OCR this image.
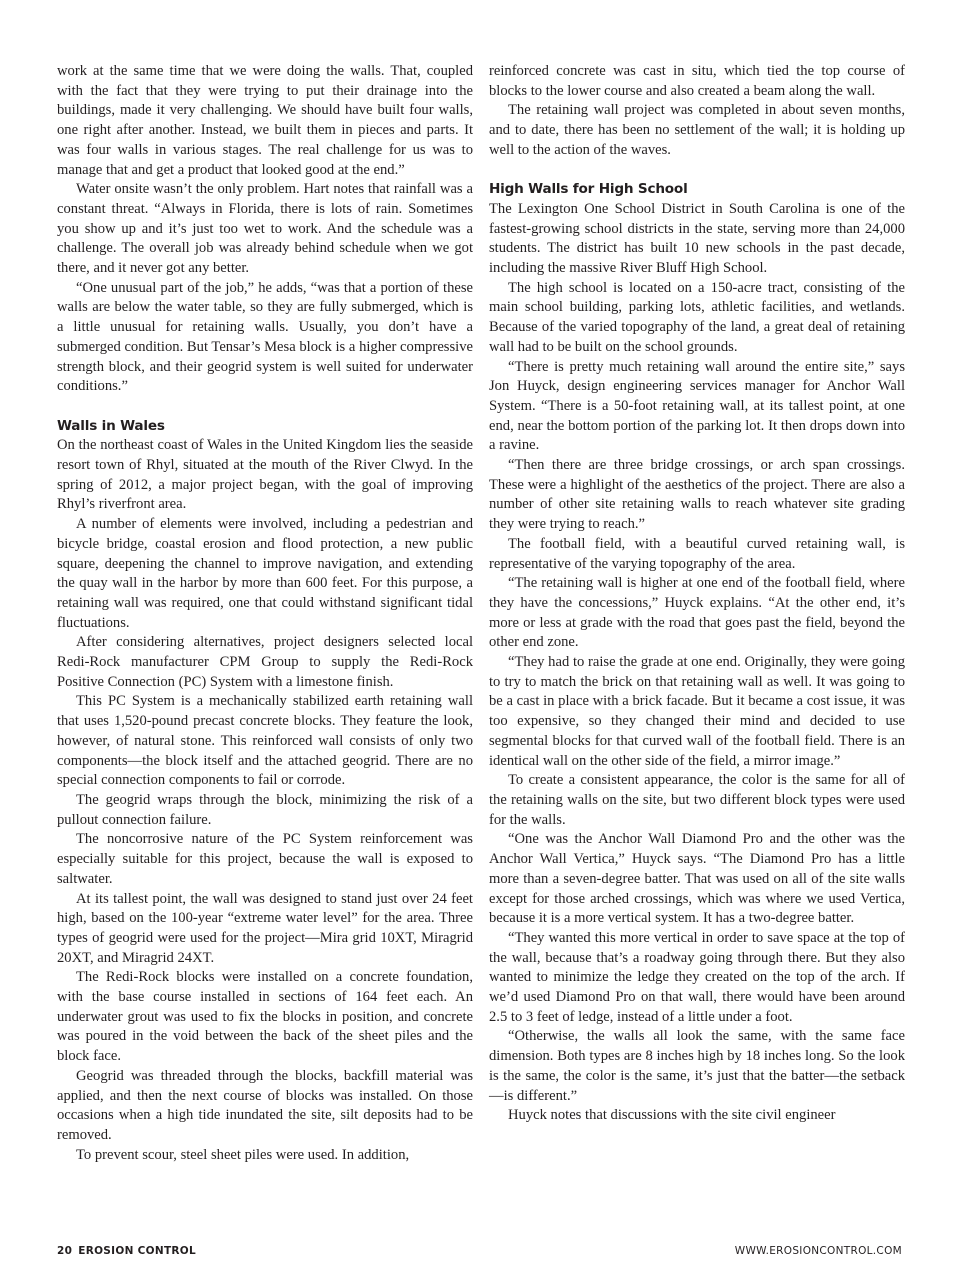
work at the same time that we were doing the walls. That, coupled with the fact that they were trying to put their drainage into the buildings, made it very challenging. We should have built four walls, one right after another. Instead, we built them in pieces and parts. It was four walls in various stages. The real challenge for us was to manage that and get a product that looked good at the end.”

Water onsite wasn’t the only problem. Hart notes that rainfall was a constant threat. “Always in Florida, there is lots of rain. Sometimes you show up and it’s just too wet to work. And the schedule was a challenge. The overall job was already behind schedule when we got there, and it never got any better.

“One unusual part of the job,” he adds, “was that a portion of these walls are below the water table, so they are fully submerged, which is a little unusual for retaining walls. Usually, you don’t have a submerged condition. But Tensar’s Mesa block is a higher compressive strength block, and their geogrid system is well suited for underwater conditions.”

Walls in Wales

On the northeast coast of Wales in the United Kingdom lies the seaside resort town of Rhyl, situated at the mouth of the River Clwyd. In the spring of 2012, a major project began, with the goal of improving Rhyl’s riverfront area.

A number of elements were involved, including a pedestrian and bicycle bridge, coastal erosion and flood protection, a new public square, deepening the channel to improve navigation, and extending the quay wall in the harbor by more than 600 feet. For this purpose, a retaining wall was required, one that could withstand significant tidal fluctuations.

After considering alternatives, project designers selected local Redi-Rock manufacturer CPM Group to supply the Redi-Rock Positive Connection (PC) System with a limestone finish.

This PC System is a mechanically stabilized earth retaining wall that uses 1,520-pound precast concrete blocks. They feature the look, however, of natural stone. This reinforced wall consists of only two components—the block itself and the attached geogrid. There are no special connection components to fail or corrode.

The geogrid wraps through the block, minimizing the risk of a pullout connection failure.

The noncorrosive nature of the PC System reinforcement was especially suitable for this project, because the wall is exposed to saltwater.

At its tallest point, the wall was designed to stand just over 24 feet high, based on the 100-year “extreme water level” for the area. Three types of geogrid were used for the project—Mira grid 10XT, Miragrid 20XT, and Miragrid 24XT.

The Redi-Rock blocks were installed on a concrete foundation, with the base course installed in sections of 164 feet each. An underwater grout was used to fix the blocks in position, and concrete was poured in the void between the back of the sheet piles and the block face.

Geogrid was threaded through the blocks, backfill material was applied, and then the next course of blocks was installed. On those occasions when a high tide inundated the site, silt deposits had to be removed.

To prevent scour, steel sheet piles were used. In addition,

reinforced concrete was cast in situ, which tied the top course of blocks to the lower course and also created a beam along the wall.

The retaining wall project was completed in about seven months, and to date, there has been no settlement of the wall; it is holding up well to the action of the waves.

High Walls for High School

The Lexington One School District in South Carolina is one of the fastest-growing school districts in the state, serving more than 24,000 students. The district has built 10 new schools in the past decade, including the massive River Bluff High School.

The high school is located on a 150-acre tract, consisting of the main school building, parking lots, athletic facilities, and wetlands. Because of the varied topography of the land, a great deal of retaining wall had to be built on the school grounds.

“There is pretty much retaining wall around the entire site,” says Jon Huyck, design engineering services manager for Anchor Wall System. “There is a 50-foot retaining wall, at its tallest point, at one end, near the bottom portion of the parking lot. It then drops down into a ravine.

“Then there are three bridge crossings, or arch span crossings. These were a highlight of the aesthetics of the project. There are also a number of other site retaining walls to reach whatever site grading they were trying to reach.”

The football field, with a beautiful curved retaining wall, is representative of the varying topography of the area.

“The retaining wall is higher at one end of the football field, where they have the concessions,” Huyck explains. “At the other end, it’s more or less at grade with the road that goes past the field, beyond the other end zone.

“They had to raise the grade at one end. Originally, they were going to try to match the brick on that retaining wall as well. It was going to be a cast in place with a brick facade. But it became a cost issue, it was too expensive, so they changed their mind and decided to use segmental blocks for that curved wall of the football field. There is an identical wall on the other side of the field, a mirror image.”

To create a consistent appearance, the color is the same for all of the retaining walls on the site, but two different block types were used for the walls.

“One was the Anchor Wall Diamond Pro and the other was the Anchor Wall Vertica,” Huyck says. “The Diamond Pro has a little more than a seven-degree batter. That was used on all of the site walls except for those arched crossings, which was where we used Vertica, because it is a more vertical system. It has a two-degree batter.

“They wanted this more vertical in order to save space at the top of the wall, because that’s a roadway going through there. But they also wanted to minimize the ledge they created on the top of the arch. If we’d used Diamond Pro on that wall, there would have been around 2.5 to 3 feet of ledge, instead of a little under a foot.

“Otherwise, the walls all look the same, with the same face dimension. Both types are 8 inches high by 18 inches long. So the look is the same, the color is the same, it’s just that the batter—the setback—is different.”

Huyck notes that discussions with the site civil engineer

20 EROSION CONTROL	WWW.EROSIONCONTROL.COM
